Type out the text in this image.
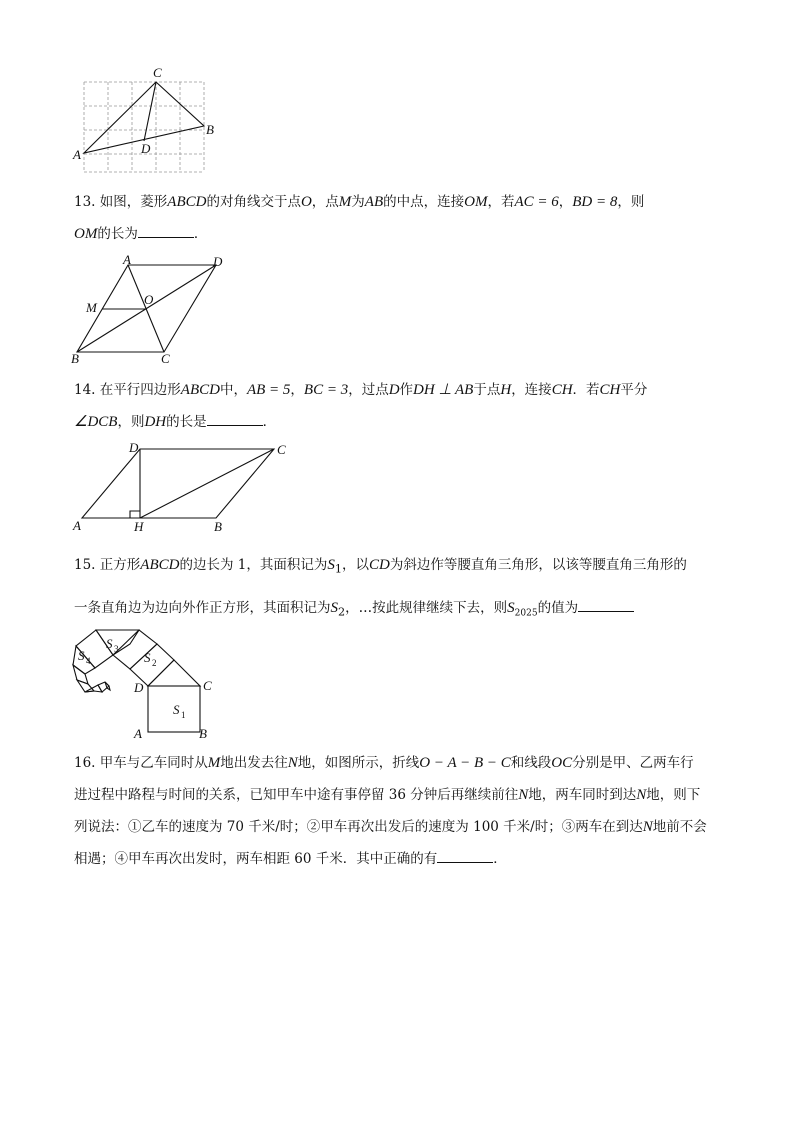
A
C
B
D
13. 如图，菱形ABCD的对角线交于点O，点M为AB的中点，连接OM，若AC = 6，BD = 8，则
OM的长为	．
A	D
M
O
B	C
14. 在平行四边形ABCD中，AB = 5，BC = 3，过点D作DH ⊥ AB于点H，连接CH．若CH平分
∠DCB，则DH的长是	．
D	C
A	H	B
15. 正方形ABCD的边长为 1，其面积记为$S_1$，以CD为斜边作等腰直角三角形，以该等腰直角三角形的
一条直角边为边向外作正方形，其面积记为$S_2$，…按此规律继续下去，则$S_{2025}$的值为
S 1
S 2
S 3
S 4
D	C
A	B
16. 甲车与乙车同时从M地出发去往N地，如图所示，折线O − A − B − C和线段OC分别是甲、乙两车行
进过程中路程与时间的关系，已知甲车中途有事停留 36 分钟后再继续前往N地，两车同时到达N地，则下
列说法：①乙车的速度为 70 千米/时；②甲车再次出发后的速度为 100 千米/时；③两车在到达N地前不会
相遇；④甲车再次出发时，两车相距 60 千米．其中正确的有	．
